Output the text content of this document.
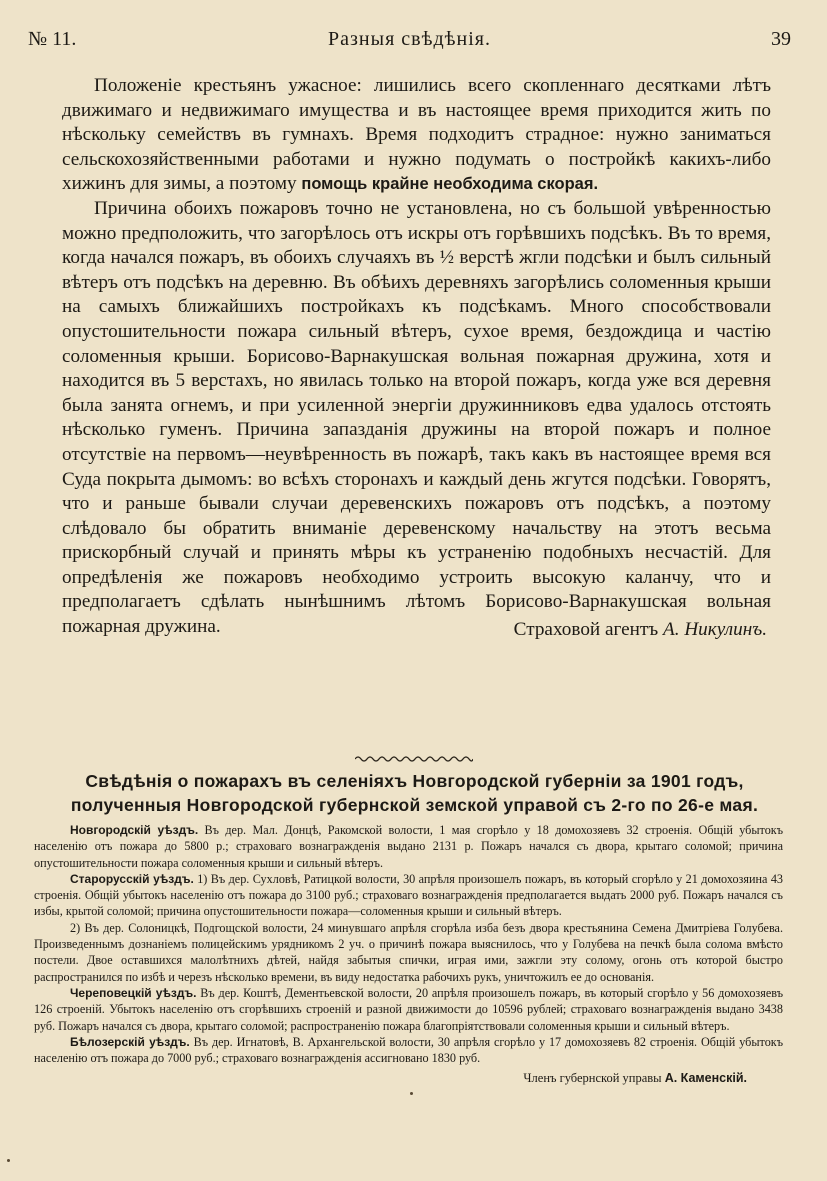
№ 11.	Разныя свѣдѣнія.	39

Положеніе крестьянъ ужасное: лишились всего скопленнаго десятками лѣтъ движимаго и недвижимаго имущества и въ настоящее время приходится жить по нѣскольку семействъ въ гумнахъ. Время подходитъ страдное: нужно заниматься сельскохозяйственными работами и нужно подумать о постройкѣ какихъ-либо хижинъ для зимы, а поэтому помощь крайне необходима скорая.

Причина обоихъ пожаровъ точно не установлена, но съ большой увѣренностью можно предположить, что загорѣлось отъ искры отъ горѣвшихъ подсѣкъ. Въ то время, когда начался пожаръ, въ обоихъ случаяхъ въ ½ верстѣ жгли подсѣки и былъ сильный вѣтеръ отъ подсѣкъ на деревню. Въ обѣихъ деревняхъ загорѣлись соломенныя крыши на самыхъ ближайшихъ постройкахъ къ подсѣкамъ. Много способствовали опустошительности пожара сильный вѣтеръ, сухое время, бездождица и частію соломенныя крыши. Борисово-Варнакушская вольная пожарная дружина, хотя и находится въ 5 верстахъ, но явилась только на второй пожаръ, когда уже вся деревня была занята огнемъ, и при усиленной энергіи дружинниковъ едва удалось отстоять нѣсколько гуменъ. Причина запазданія дружины на второй пожаръ и полное отсутствіе на первомъ—неувѣренность въ пожарѣ, такъ какъ въ настоящее время вся Суда покрыта дымомъ: во всѣхъ сторонахъ и каждый день жгутся подсѣки. Говорятъ, что и раньше бывали случаи деревенскихъ пожаровъ отъ подсѣкъ, а поэтому слѣдовало бы обратить вниманіе деревенскому начальству на этотъ весьма прискорбный случай и принять мѣры къ устраненію подобныхъ несчастій. Для опредѣленія же пожаровъ необходимо устроить высокую каланчу, что и предполагаетъ сдѣлать нынѣшнимъ лѣтомъ Борисово-Варнакушская вольная пожарная дружина.	Страховой агентъ А. Никулинъ.
Свѣдѣнія о пожарахъ въ селеніяхъ Новгородской губерніи за 1901 годъ, полученныя Новгородской губернской земской управой съ 2-го по 26-е мая.

Новгородскій уѣздъ. Въ дер. Мал. Донцѣ, Ракомской волости, 1 мая сгорѣло у 18 домохозяевъ 32 строенія. Общій убытокъ населенію отъ пожара до 5800 р.; страховаго вознагражденія выдано 2131 р. Пожаръ начался съ двора, крытаго соломой; причина опустошительности пожара соломенныя крыши и сильный вѣтеръ.

Старорусскій уѣздъ. 1) Въ дер. Сухловѣ, Ратицкой волости, 30 апрѣля произошелъ пожаръ, въ который сгорѣло у 21 домохозяина 43 строенія. Общій убытокъ населенію отъ пожара до 3100 руб.; страховаго вознагражденія предполагается выдать 2000 руб. Пожаръ начался съ избы, крытой соломой; причина опустошительности пожара—соломенныя крыши и сильный вѣтеръ.

2) Въ дер. Солоницкѣ, Подгощской волости, 24 минувшаго апрѣля сгорѣла изба безъ двора крестьянина Семена Дмитріева Голубева. Произведеннымъ дознаніемъ полицейскимъ урядникомъ 2 уч. о причинѣ пожара выяснилось, что у Голубева на печкѣ была солома вмѣсто постели. Двое оставшихся малолѣтнихъ дѣтей, найдя забытыя спички, играя ими, зажгли эту солому, огонь отъ которой быстро распространился по избѣ и черезъ нѣсколько времени, въ виду недостатка рабочихъ рукъ, уничтожилъ ее до основанія.

Череповецкій уѣздъ. Въ дер. Коштѣ, Дементьевской волости, 20 апрѣля произошелъ пожаръ, въ который сгорѣло у 56 домохозяевъ 126 строеній. Убытокъ населенію отъ сгорѣвшихъ строеній и разной движимости до 10596 рублей; страховаго вознагражденія выдано 3438 руб. Пожаръ начался съ двора, крытаго соломой; распространенію пожара благопріятствовали соломенныя крыши и сильный вѣтеръ.

Бѣлозерскій уѣздъ. Въ дер. Игнатовѣ, В. Архангельской волости, 30 апрѣля сгорѣло у 17 домохозяевъ 82 строенія. Общій убытокъ населенію отъ пожара до 7000 руб.; страховаго вознагражденія ассигновано 1830 руб.

Членъ губернской управы А. Каменскій.
